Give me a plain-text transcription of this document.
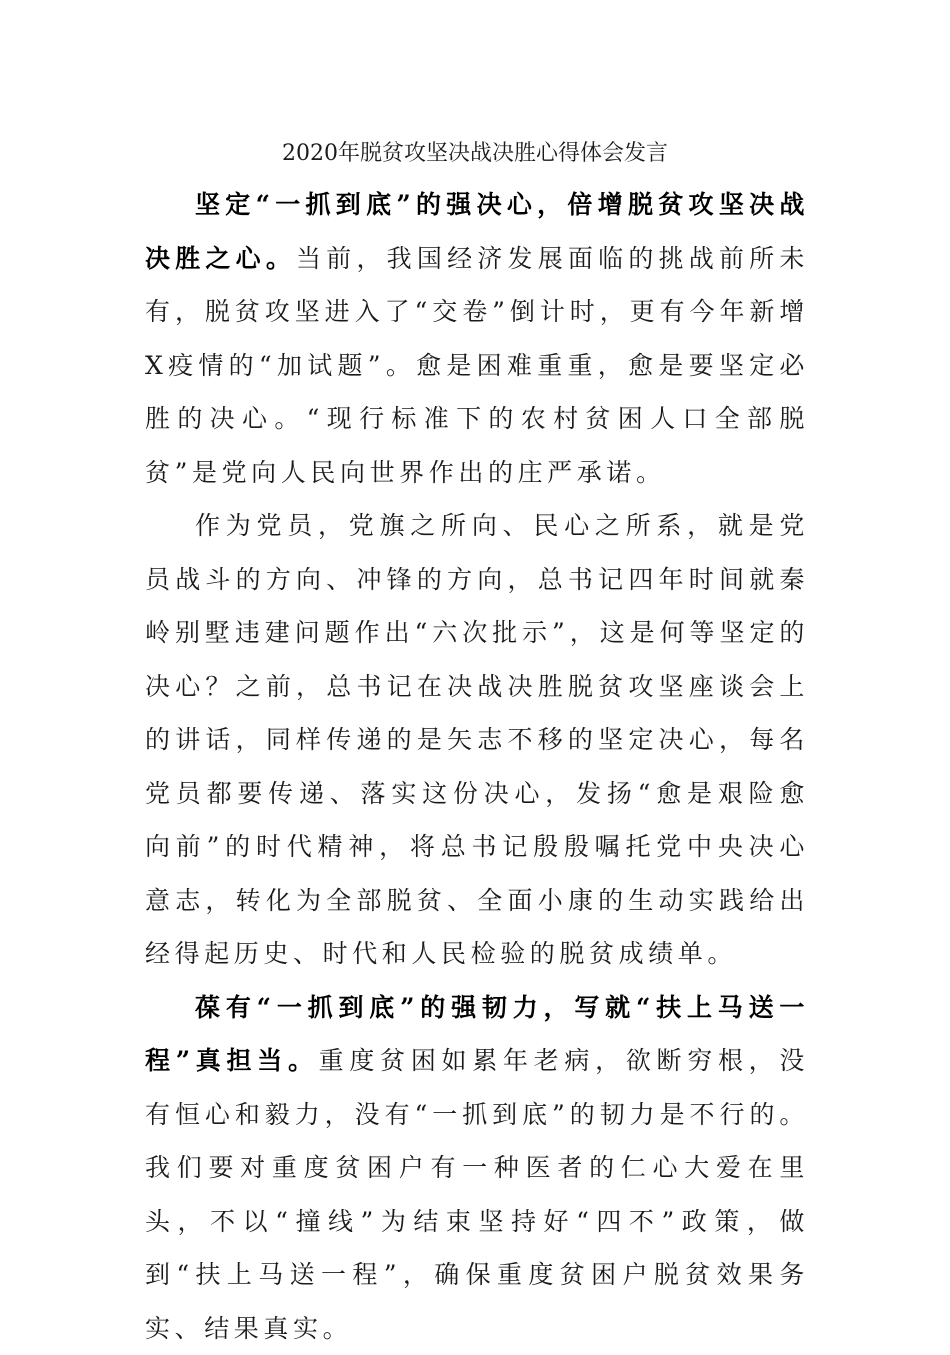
2020年脱贫攻坚决战决胜心得体会发言

坚定“一抓到底”的强决心，倍增脱贫攻坚决战决胜之心。当前，我国经济发展面临的挑战前所未有，脱贫攻坚进入了“交卷”倒计时，更有今年新增X疫情的“加试题”。愈是困难重重，愈是要坚定必胜的决心。“现行标准下的农村贫困人口全部脱贫”是党向人民向世界作出的庄严承诺。

作为党员，党旗之所向、民心之所系，就是党员战斗的方向、冲锋的方向，总书记四年时间就秦岭别墅违建问题作出“六次批示”，这是何等坚定的决心？之前，总书记在决战决胜脱贫攻坚座谈会上的讲话，同样传递的是矢志不移的坚定决心，每名党员都要传递、落实这份决心，发扬“愈是艰险愈向前”的时代精神，将总书记殷殷嘱托党中央决心意志，转化为全部脱贫、全面小康的生动实践给出经得起历史、时代和人民检验的脱贫成绩单。

葆有“一抓到底”的强韧力，写就“扶上马送一程”真担当。重度贫困如累年老病，欲断穷根，没有恒心和毅力，没有“一抓到底”的韧力是不行的。我们要对重度贫困户有一种医者的仁心大爱在里头，不以“撞线”为结束坚持好“四不”政策，做到“扶上马送一程”，确保重度贫困户脱贫效果务实、结果真实。
